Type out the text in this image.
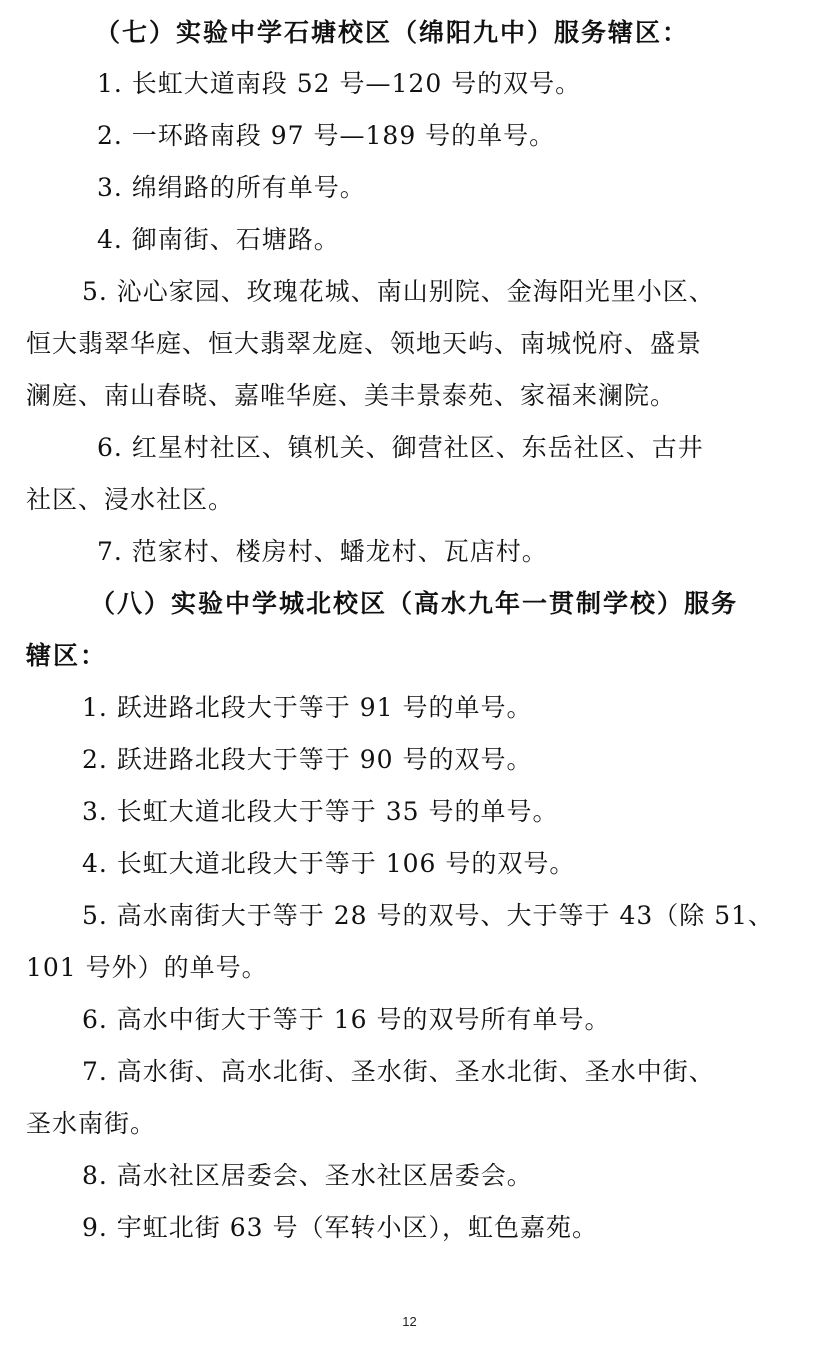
（七）实验中学石塘校区（绵阳九中）服务辖区：
1. 长虹大道南段 52 号—120 号的双号。
2. 一环路南段 97 号—189 号的单号。
3. 绵绢路的所有单号。
4. 御南街、石塘路。
5. 沁心家园、玫瑰花城、南山别院、金海阳光里小区、
恒大翡翠华庭、恒大翡翠龙庭、领地天屿、南城悦府、盛景
澜庭、南山春晓、嘉唯华庭、美丰景泰苑、家福来澜院。
6. 红星村社区、镇机关、御营社区、东岳社区、古井
社区、浸水社区。
7. 范家村、楼房村、蟠龙村、瓦店村。
（八）实验中学城北校区（高水九年一贯制学校）服务
辖区：
1. 跃进路北段大于等于 91 号的单号。
2. 跃进路北段大于等于 90 号的双号。
3. 长虹大道北段大于等于 35 号的单号。
4. 长虹大道北段大于等于 106 号的双号。
5. 高水南街大于等于 28 号的双号、大于等于 43（除 51、
101 号外）的单号。
6. 高水中街大于等于 16 号的双号所有单号。
7. 高水街、高水北街、圣水街、圣水北街、圣水中街、
圣水南街。
8. 高水社区居委会、圣水社区居委会。
9. 宇虹北街 63 号（军转小区），虹色嘉苑。
12
